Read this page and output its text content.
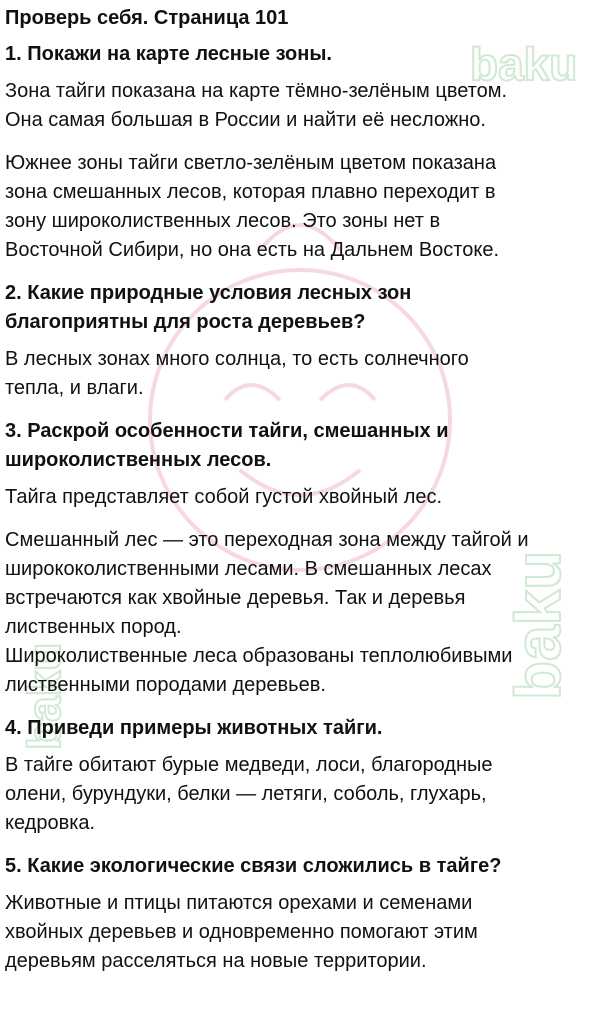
baku
baku
baku
Проверь себя. Страница 101
1. Покажи на карте лесные зоны.
Зона тайги показана на карте тёмно-зелёным цветом.
Она самая большая в России и найти её несложно.
Южнее зоны тайги светло-зелёным цветом показана
зона смешанных лесов, которая плавно переходит в
зону широколиственных лесов. Это зоны нет в
Восточной Сибири, но она есть на Дальнем Востоке.
2. Какие природные условия лесных зон благоприятны для роста деревьев?
В лесных зонах много солнца, то есть солнечного
тепла, и влаги.
3. Раскрой особенности тайги, смешанных и широколиственных лесов.
Тайга представляет собой густой хвойный лес.
Смешанный лес — это переходная зона между тайгой и
ширококолиственными лесами. В смешанных лесах
встречаются как хвойные деревья. Так и деревья
лиственных пород.
Широколиственные леса образованы теплолюбивыми
лиственными породами деревьев.
4. Приведи примеры животных тайги.
В тайге обитают бурые медведи, лоси, благородные
олени, бурундуки, белки — летяги, соболь, глухарь,
кедровка.
5. Какие экологические связи сложились в тайге?
Животные и птицы питаются орехами и семенами
хвойных деревьев и одновременно помогают этим
деревьям расселяться на новые территории.
